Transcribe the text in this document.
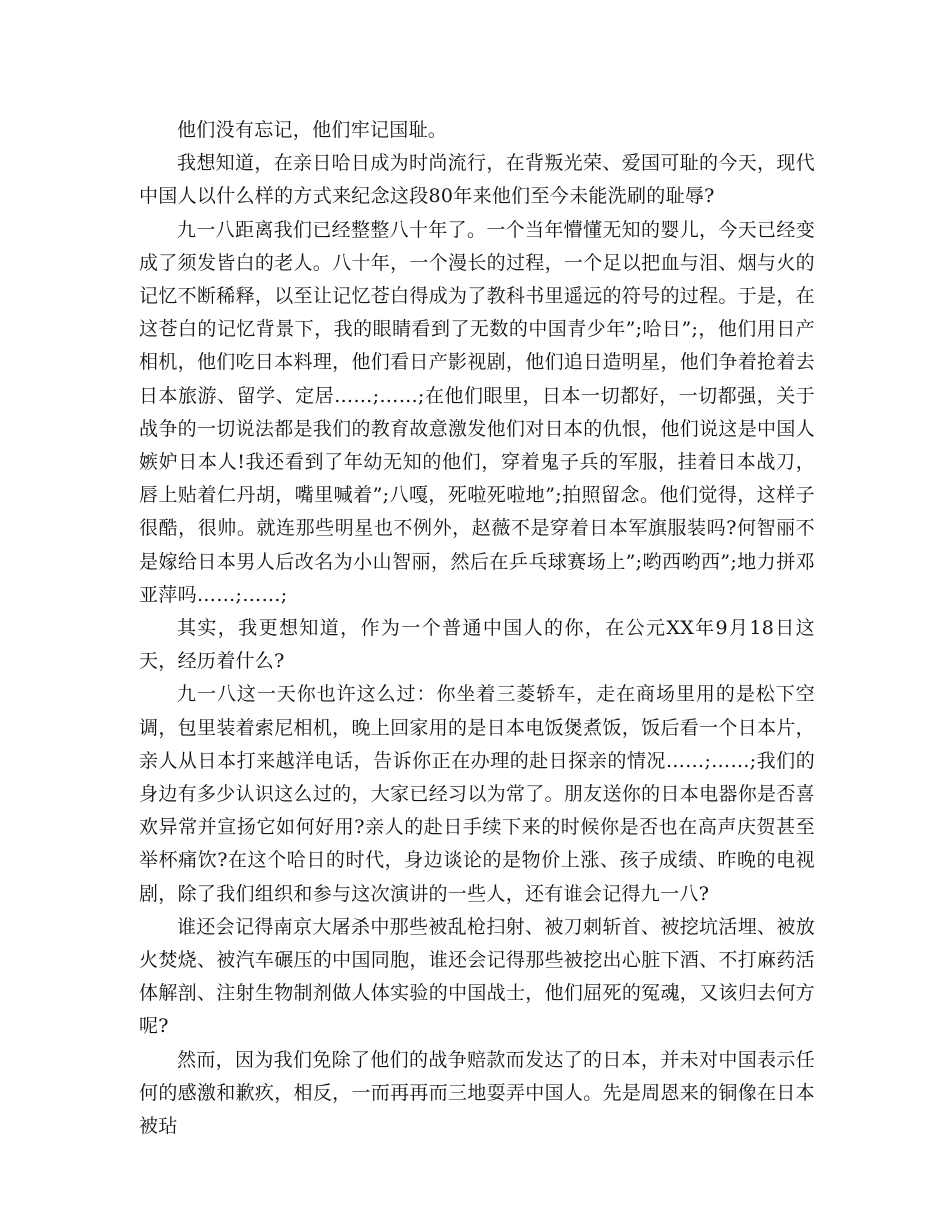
他们没有忘记，他们牢记国耻。

我想知道，在亲日哈日成为时尚流行，在背叛光荣、爱国可耻的今天，现代中国人以什么样的方式来纪念这段80年来他们至今未能洗刷的耻辱?

九一八距离我们已经整整八十年了。一个当年懵懂无知的婴儿，今天已经变成了须发皆白的老人。八十年，一个漫长的过程，一个足以把血与泪、烟与火的记忆不断稀释，以至让记忆苍白得成为了教科书里遥远的符号的过程。于是，在这苍白的记忆背景下，我的眼睛看到了无数的中国青少年”;哈日”;，他们用日产相机，他们吃日本料理，他们看日产影视剧，他们追日造明星，他们争着抢着去日本旅游、留学、定居……;……;在他们眼里，日本一切都好，一切都强，关于战争的一切说法都是我们的教育故意激发他们对日本的仇恨，他们说这是中国人嫉妒日本人!我还看到了年幼无知的他们，穿着鬼子兵的军服，挂着日本战刀，唇上贴着仁丹胡，嘴里喊着”;八嘎，死啦死啦地”;拍照留念。他们觉得，这样子很酷，很帅。就连那些明星也不例外，赵薇不是穿着日本军旗服装吗?何智丽不是嫁给日本男人后改名为小山智丽，然后在乒乓球赛场上”;哟西哟西”;地力拼邓亚萍吗……;……;

其实，我更想知道，作为一个普通中国人的你，在公元XX年9月18日这天，经历着什么?

九一八这一天你也许这么过：你坐着三菱轿车，走在商场里用的是松下空调，包里装着索尼相机，晚上回家用的是日本电饭煲煮饭，饭后看一个日本片，亲人从日本打来越洋电话，告诉你正在办理的赴日探亲的情况……;……;我们的身边有多少认识这么过的，大家已经习以为常了。朋友送你的日本电器你是否喜欢异常并宣扬它如何好用?亲人的赴日手续下来的时候你是否也在高声庆贺甚至举杯痛饮?在这个哈日的时代，身边谈论的是物价上涨、孩子成绩、昨晚的电视剧，除了我们组织和参与这次演讲的一些人，还有谁会记得九一八?

谁还会记得南京大屠杀中那些被乱枪扫射、被刀刺斩首、被挖坑活埋、被放火焚烧、被汽车碾压的中国同胞，谁还会记得那些被挖出心脏下酒、不打麻药活体解剖、注射生物制剂做人体实验的中国战士，他们屈死的冤魂，又该归去何方呢?

然而，因为我们免除了他们的战争赔款而发达了的日本，并未对中国表示任何的感激和歉疚，相反，一而再再而三地耍弄中国人。先是周恩来的铜像在日本被玷
